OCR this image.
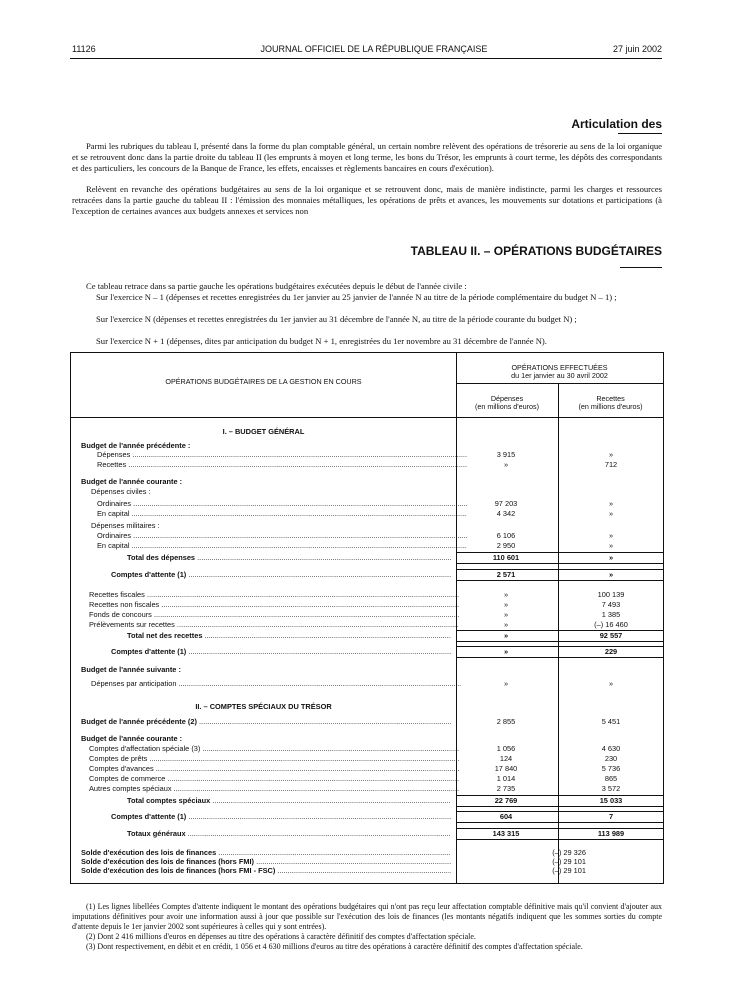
11126	JOURNAL OFFICIEL DE LA RÉPUBLIQUE FRANÇAISE	27 juin 2002
Articulation des
Parmi les rubriques du tableau I, présenté dans la forme du plan comptable général, un certain nombre relèvent des opérations de trésorerie au sens de la loi organique et se retrouvent donc dans la partie droite du tableau II (les emprunts à moyen et long terme, les bons du Trésor, les emprunts à court terme, les dépôts des correspondants et des particuliers, les concours de la Banque de France, les effets, encaisses et règlements bancaires en cours d'exécution).
Relèvent en revanche des opérations budgétaires au sens de la loi organique et se retrouvent donc, mais de manière indistincte, parmi les charges et ressources retracées dans la partie gauche du tableau II : l'émission des monnaies métalliques, les opérations de prêts et avances, les mouvements sur dotations et participations (à l'exception de certaines avances aux budgets annexes et services non
TABLEAU II. – OPÉRATIONS BUDGÉTAIRES
Ce tableau retrace dans sa partie gauche les opérations budgétaires exécutées depuis le début de l'année civile :
Sur l'exercice N – 1 (dépenses et recettes enregistrées du 1er janvier au 25 janvier de l'année N au titre de la période complémentaire du budget N – 1) ;
Sur l'exercice N (dépenses et recettes enregistrées du 1er janvier au 31 décembre de l'année N, au titre de la période courante du budget N) ;
Sur l'exercice N + 1 (dépenses, dites par anticipation du budget N + 1, enregistrées du 1er novembre au 31 décembre de l'année N).
OPÉRATIONS BUDGÉTAIRES DE LA GESTION EN COURS
OPÉRATIONS EFFECTUÉES
du 1er janvier au 30 avril 2002
Dépenses
(en millions d'euros)
Recettes
(en millions d'euros)
I. – BUDGET GÉNÉRAL
Budget de l'année précédente :
Dépenses .....	3 915	»
Recettes .....	»	712
Budget de l'année courante :
Dépenses civiles :
Ordinaires .....	97 203	»
En capital .....	4 342	»
Dépenses militaires :
Ordinaires .....	6 106	»
En capital .....	2 950	»
Total des dépenses .....	110 601	»
Comptes d'attente (1) .....	2 571	»
Recettes fiscales .....	»	100 139
Recettes non fiscales .....	»	7 493
Fonds de concours .....	»	1 385
Prélèvements sur recettes .....	»	(–) 16 460
Total net des recettes .....	»	92 557
Comptes d'attente (1) .....	»	229
Budget de l'année suivante :
Dépenses par anticipation .....	»	»
II. – COMPTES SPÉCIAUX DU TRÉSOR
Budget de l'année précédente (2) .....	2 855	5 451
Budget de l'année courante :
Comptes d'affectation spéciale (3) .....	1 056	4 630
Comptes de prêts .....	124	230
Comptes d'avances .....	17 840	5 736
Comptes de commerce .....	1 014	865
Autres comptes spéciaux .....	2 735	3 572
Total comptes spéciaux .....	22 769	15 033
Comptes d'attente (1) .....	604	7
Totaux généraux .....	143 315	113 989
Solde d'exécution des lois de finances .....	(–) 29 326
Solde d'exécution des lois de finances (hors FMI) .....	(–) 29 101
Solde d'exécution des lois de finances (hors FMI - FSC) .....	(–) 29 101
(1) Les lignes libellées Comptes d'attente indiquent le montant des opérations budgétaires qui n'ont pas reçu leur affectation comptable définitive mais qu'il convient d'ajouter aux imputations définitives pour avoir une information aussi à jour que possible sur l'exécution des lois de finances (les montants négatifs indiquent que les sommes sorties du compte d'attente depuis le 1er janvier 2002 sont supérieures à celles qui y sont entrées).
(2) Dont 2 416 millions d'euros en dépenses au titre des opérations à caractère définitif des comptes d'affectation spéciale.
(3) Dont respectivement, en débit et en crédit, 1 056 et 4 630 millions d'euros au titre des opérations à caractère définitif des comptes d'affectation spéciale.
